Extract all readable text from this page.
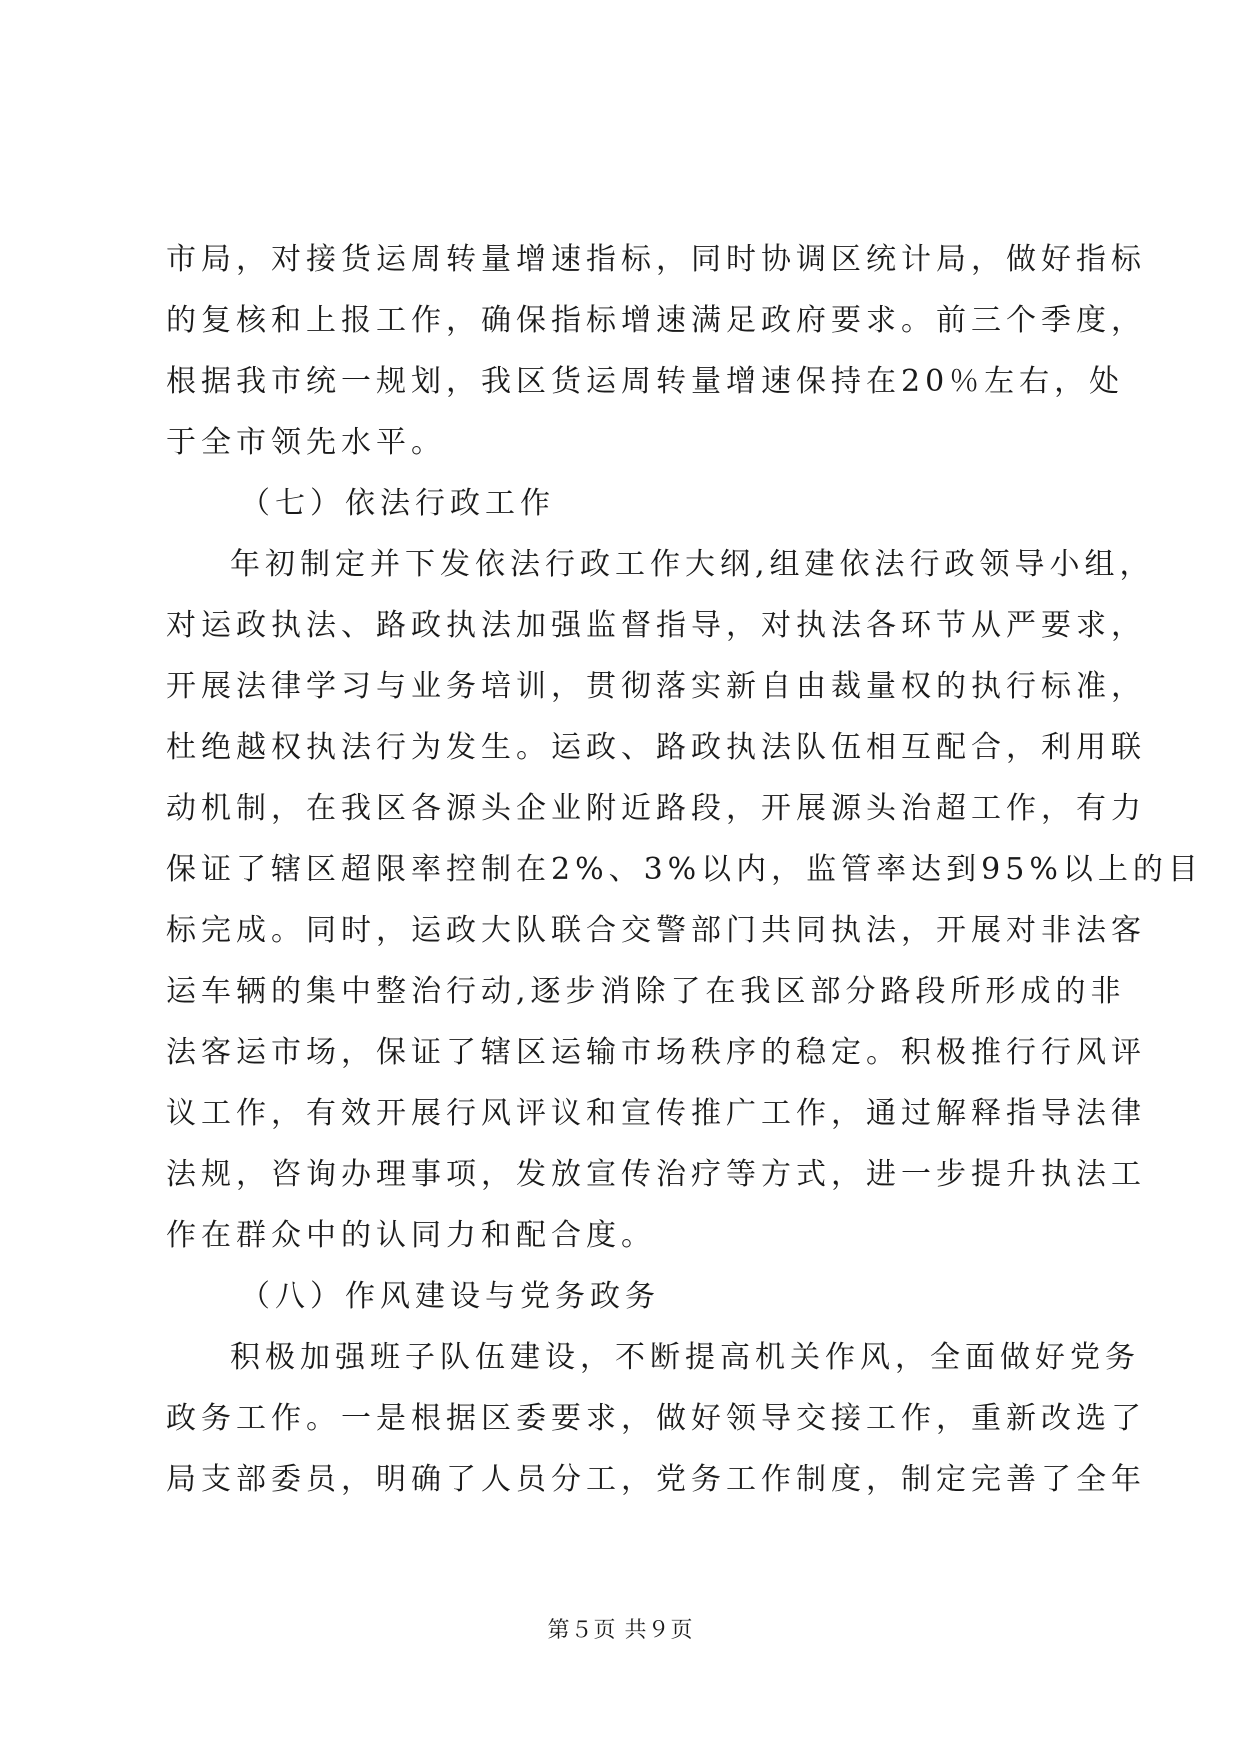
市局，对接货运周转量增速指标，同时协调区统计局，做好指标
的复核和上报工作，确保指标增速满足政府要求。前三个季度，
根据我市统一规划，我区货运周转量增速保持在20％左右，处
于全市领先水平。
（七）依法行政工作
年初制定并下发依法行政工作大纲,组建依法行政领导小组，
对运政执法、路政执法加强监督指导，对执法各环节从严要求，
开展法律学习与业务培训，贯彻落实新自由裁量权的执行标准，
杜绝越权执法行为发生。运政、路政执法队伍相互配合，利用联
动机制，在我区各源头企业附近路段，开展源头治超工作，有力
保证了辖区超限率控制在2%、3%以内，监管率达到95%以上的目
标完成。同时，运政大队联合交警部门共同执法，开展对非法客
运车辆的集中整治行动,逐步消除了在我区部分路段所形成的非
法客运市场，保证了辖区运输市场秩序的稳定。积极推行行风评
议工作，有效开展行风评议和宣传推广工作，通过解释指导法律
法规，咨询办理事项，发放宣传治疗等方式，进一步提升执法工
作在群众中的认同力和配合度。
（八）作风建设与党务政务
积极加强班子队伍建设，不断提高机关作风，全面做好党务
政务工作。一是根据区委要求，做好领导交接工作，重新改选了
局支部委员，明确了人员分工，党务工作制度，制定完善了全年
第５页 共９页
